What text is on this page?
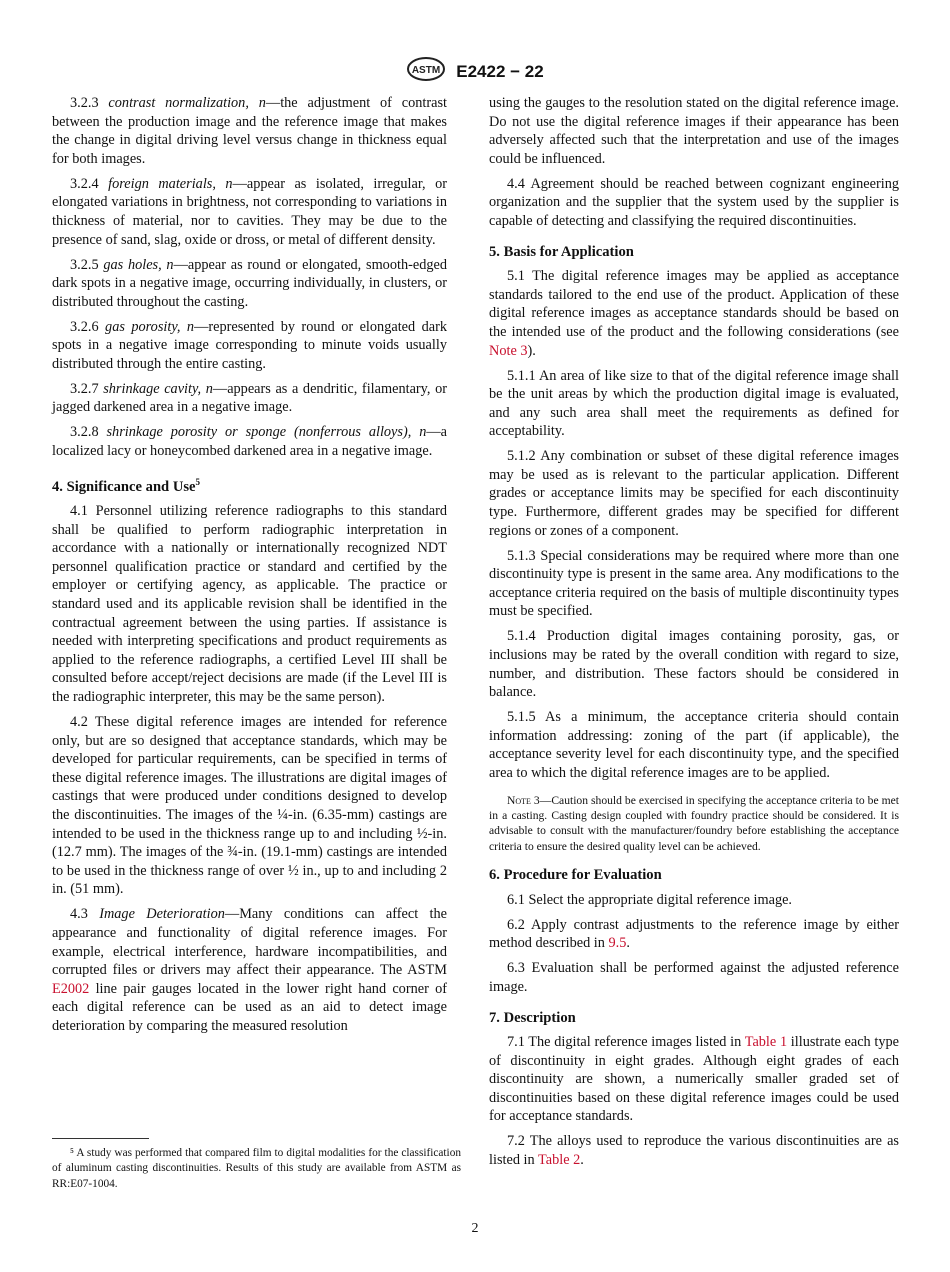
ASTM E2422 − 22

3.2.3 contrast normalization, n—the adjustment of contrast between the production image and the reference image that makes the change in digital driving level versus change in thickness equal for both images.

3.2.4 foreign materials, n—appear as isolated, irregular, or elongated variations in brightness, not corresponding to variations in thickness of material, nor to cavities. They may be due to the presence of sand, slag, oxide or dross, or metal of different density.

3.2.5 gas holes, n—appear as round or elongated, smooth-edged dark spots in a negative image, occurring individually, in clusters, or distributed throughout the casting.

3.2.6 gas porosity, n—represented by round or elongated dark spots in a negative image corresponding to minute voids usually distributed through the entire casting.

3.2.7 shrinkage cavity, n—appears as a dendritic, filamentary, or jagged darkened area in a negative image.

3.2.8 shrinkage porosity or sponge (nonferrous alloys), n—a localized lacy or honeycombed darkened area in a negative image.

4. Significance and Use$^5$

4.1 Personnel utilizing reference radiographs to this standard shall be qualified to perform radiographic interpretation in accordance with a nationally or internationally recognized NDT personnel qualification practice or standard and certified by the employer or certifying agency, as applicable. The practice or standard used and its applicable revision shall be identified in the contractual agreement between the using parties. If assistance is needed with interpreting specifications and product requirements as applied to the reference radiographs, a certified Level III shall be consulted before accept/reject decisions are made (if the Level III is the radiographic interpreter, this may be the same person).

4.2 These digital reference images are intended for reference only, but are so designed that acceptance standards, which may be developed for particular requirements, can be specified in terms of these digital reference images. The illustrations are digital images of castings that were produced under conditions designed to develop the discontinuities. The images of the ¼-in. (6.35-mm) castings are intended to be used in the thickness range up to and including ½-in. (12.7 mm). The images of the ¾-in. (19.1-mm) castings are intended to be used in the thickness range of over ½ in., up to and including 2 in. (51 mm).

4.3 Image Deterioration—Many conditions can affect the appearance and functionality of digital reference images. For example, electrical interference, hardware incompatibilities, and corrupted files or drivers may affect their appearance. The ASTM E2002 line pair gauges located in the lower right hand corner of each digital reference can be used as an aid to detect image deterioration by comparing the measured resolution

⁵ A study was performed that compared film to digital modalities for the classification of aluminum casting discontinuities. Results of this study are available from ASTM as RR:E07-1004.

using the gauges to the resolution stated on the digital reference image. Do not use the digital reference images if their appearance has been adversely affected such that the interpretation and use of the images could be influenced.

4.4 Agreement should be reached between cognizant engineering organization and the supplier that the system used by the supplier is capable of detecting and classifying the required discontinuities.

5. Basis for Application

5.1 The digital reference images may be applied as acceptance standards tailored to the end use of the product. Application of these digital reference images as acceptance standards should be based on the intended use of the product and the following considerations (see Note 3).

5.1.1 An area of like size to that of the digital reference image shall be the unit areas by which the production digital image is evaluated, and any such area shall meet the requirements as defined for acceptability.

5.1.2 Any combination or subset of these digital reference images may be used as is relevant to the particular application. Different grades or acceptance limits may be specified for each discontinuity type. Furthermore, different grades may be specified for different regions or zones of a component.

5.1.3 Special considerations may be required where more than one discontinuity type is present in the same area. Any modifications to the acceptance criteria required on the basis of multiple discontinuity types must be specified.

5.1.4 Production digital images containing porosity, gas, or inclusions may be rated by the overall condition with regard to size, number, and distribution. These factors should be considered in balance.

5.1.5 As a minimum, the acceptance criteria should contain information addressing: zoning of the part (if applicable), the acceptance severity level for each discontinuity type, and the specified area to which the digital reference images are to be applied.

Note 3—Caution should be exercised in specifying the acceptance criteria to be met in a casting. Casting design coupled with foundry practice should be considered. It is advisable to consult with the manufacturer/foundry before establishing the acceptance criteria to ensure the desired quality level can be achieved.

6. Procedure for Evaluation

6.1 Select the appropriate digital reference image.

6.2 Apply contrast adjustments to the reference image by either method described in 9.5.

6.3 Evaluation shall be performed against the adjusted reference image.

7. Description

7.1 The digital reference images listed in Table 1 illustrate each type of discontinuity in eight grades. Although eight grades of each discontinuity are shown, a numerically smaller graded set of discontinuities based on these digital reference images could be used for acceptance standards.

7.2 The alloys used to reproduce the various discontinuities are as listed in Table 2.

2
